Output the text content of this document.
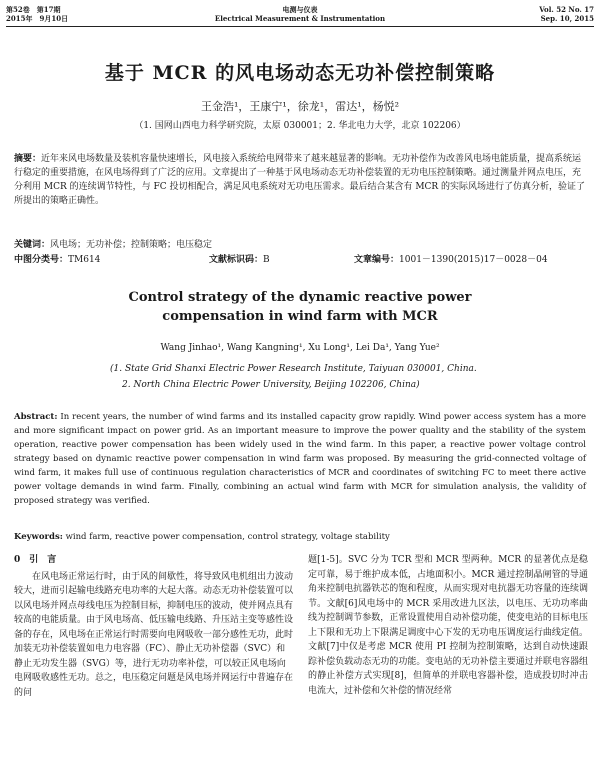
第52卷　第17期
2015年　9月10日
电测与仪表
Electrical Measurement & Instrumentation
Vol. 52 No. 17
Sep. 10, 2015
基于 MCR 的风电场动态无功补偿控制策略
王金浩¹，王康宁¹，徐龙¹，雷达¹，杨悦²
（1. 国网山西电力科学研究院，太原 030001；2. 华北电力大学，北京 102206）
摘要：近年来风电场数量及装机容量快速增长，风电接入系统给电网带来了越来越显著的影响。无功补偿作为改善风电场电能质量，提高系统运行稳定的重要措施，在风电场得到了广泛的应用。文章提出了一种基于风电场动态无功补偿装置的无功电压控制策略。通过测量并网点电压，充分利用 MCR 的连续调节特性，与 FC 投切相配合，满足风电系统对无功电压需求。最后结合某含有 MCR 的实际风场进行了仿真分析，验证了所提出的策略正确性。
关键词：风电场；无功补偿；控制策略；电压稳定
中图分类号：TM614	文献标识码：B	文章编号：1001－1390(2015)17－0028－04
Control strategy of the dynamic reactive power
compensation in wind farm with MCR
Wang Jinhao¹, Wang Kangning¹, Xu Long¹, Lei Da¹, Yang Yue²
(1. State Grid Shanxi Electric Power Research Institute, Taiyuan 030001, China.
2. North China Electric Power University, Beijing 102206, China)
Abstract: In recent years, the number of wind farms and its installed capacity grow rapidly. Wind power access system has a more and more significant impact on power grid. As an important measure to improve the power quality and the stability of the system operation, reactive power compensation has been widely used in the wind farm. In this paper, a reactive power voltage control strategy based on dynamic reactive power compensation in wind farm was proposed. By measuring the grid-connected voltage of wind farm, it makes full use of continuous regulation characteristics of MCR and coordinates of switching FC to meet there active power voltage demands in wind farm. Finally, combining an actual wind farm with MCR for simulation analysis, the validity of proposed strategy was verified.
Keywords: wind farm, reactive power compensation, control strategy, voltage stability
0　引　言

在风电场正常运行时，由于风的间歇性，将导致风电机组出力波动较大，进而引起输电线路充电功率的大起大落。动态无功补偿装置可以以风电场并网点母线电压为控制目标，抑制电压的波动，使并网点具有较高的电能质量。由于风电场高、低压输电线路、升压站主变等感性设备的存在，风电场在正常运行时需要向电网吸收一部分感性无功，此时加装无功补偿装置如电力电容器（FC）、静止无功补偿器（SVC）和静止无功发生器（SVG）等，进行无功功率补偿，可以较正风电场向电网吸收感性无功。总之，电压稳定问题是风电场并网运行中普遍存在的问

题[1-5]。SVC 分为 TCR 型和 MCR 型两种。MCR 的显著优点是稳定可靠，易于维护成本低，占地面积小。MCR 通过控制晶闸管的导通角来控制电抗器铁芯的饱和程度，从而实现对电抗器无功容量的连续调节。文献[6]风电场中的 MCR 采用改进九区法，以电压、无功功率曲线为控制调节参数，正常设置使用自动补偿功能，使变电站的目标电压上下限和无功上下限满足调度中心下发的无功电压调度运行曲线定值。文献[7]中仅是考虑 MCR 使用 PI 控制为控制策略，达到自动快速跟踪补偿负载动态无功的功能。变电站的无功补偿主要通过并联电容器组的静止补偿方式实现[8]，但简单的并联电容器补偿，造成投切时冲击电流大，过补偿和欠补偿的情况经常
